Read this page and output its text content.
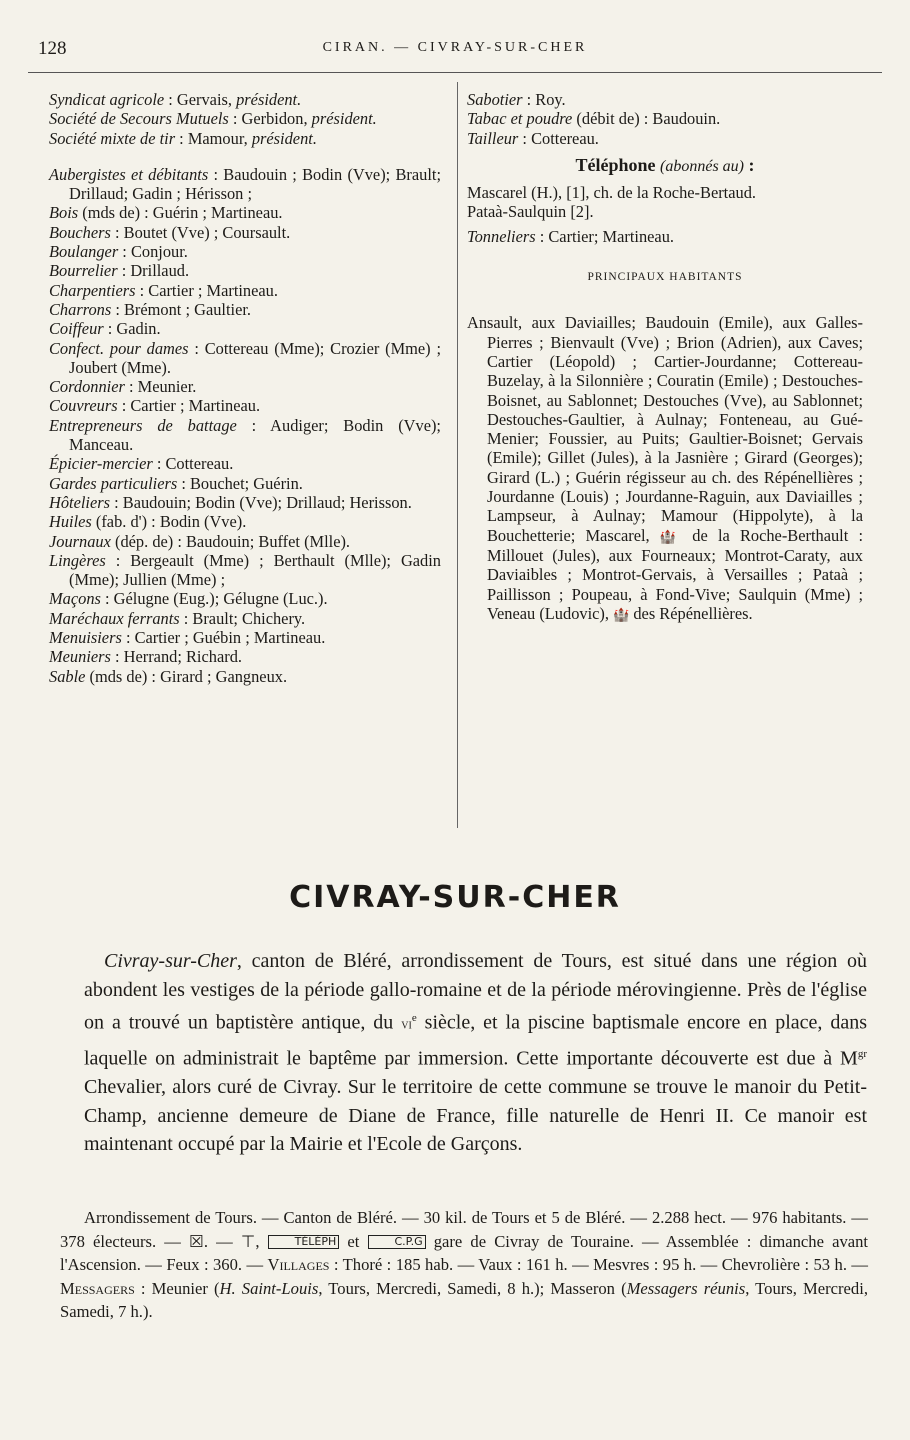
128	CIRAN. — CIVRAY-SUR-CHER

Syndicat agricole : Gervais, président.

Société de Secours Mutuels : Gerbidon, président.

Société mixte de tir : Mamour, président.

Aubergistes et débitants : Baudouin ; Bodin (Vve); Brault; Drillaud; Gadin ; Hérisson ;

Bois (mds de) : Guérin ; Martineau.

Bouchers : Boutet (Vve) ; Coursault.

Boulanger : Conjour.

Bourrelier : Drillaud.

Charpentiers : Cartier ; Martineau.

Charrons : Brémont ; Gaultier.

Coiffeur : Gadin.

Confect. pour dames : Cottereau (Mme); Crozier (Mme) ; Joubert (Mme).

Cordonnier : Meunier.

Couvreurs : Cartier ; Martineau.

Entrepreneurs de battage : Audiger; Bodin (Vve); Manceau.

Épicier-mercier : Cottereau.

Gardes particuliers : Bouchet; Guérin.

Hôteliers : Baudouin; Bodin (Vve); Drillaud; Herisson.

Huiles (fab. d') : Bodin (Vve).

Journaux (dép. de) : Baudouin; Buffet (Mlle).

Lingères : Bergeault (Mme) ; Berthault (Mlle); Gadin (Mme); Jullien (Mme) ;

Maçons : Gélugne (Eug.); Gélugne (Luc.).

Maréchaux ferrants : Brault; Chichery.

Menuisiers : Cartier ; Guébin ; Martineau.

Meuniers : Herrand; Richard.

Sable (mds de) : Girard ; Gangneux.

Sabotier : Roy.

Tabac et poudre (débit de) : Baudouin.

Tailleur : Cottereau.

Téléphone (abonnés au) :

Mascarel (H.), [1], ch. de la Roche-Bertaud.

Pataà-Saulquin [2].

Tonneliers : Cartier; Martineau.

PRINCIPAUX HABITANTS

Ansault, aux Daviailles; Baudouin (Emile), aux Galles-Pierres ; Bienvault (Vve) ; Brion (Adrien), aux Caves; Cartier (Léopold) ; Cartier-Jourdanne; Cottereau-Buzelay, à la Silonnière ; Couratin (Emile) ; Destouches-Boisnet, au Sablonnet; Destouches (Vve), au Sablonnet; Destouches-Gaultier, à Aulnay; Fonteneau, au Gué-Menier; Foussier, au Puits; Gaultier-Boisnet; Gervais (Emile); Gillet (Jules), à la Jasnière ; Girard (Georges); Girard (L.) ; Guérin régisseur au ch. des Répénellières ; Jourdanne (Louis) ; Jourdanne-Raguin, aux Daviailles ; Lampseur, à Aulnay; Mamour (Hippolyte), à la Bouchetterie; Mascarel, 🏰 de la Roche-Berthault : Millouet (Jules), aux Fourneaux; Montrot-Caraty, aux Daviaibles ; Montrot-Gervais, à Versailles ; Pataà ; Paillisson ; Poupeau, à Fond-Vive; Saulquin (Mme) ; Veneau (Ludovic), 🏰 des Répénellières.

CIVRAY-SUR-CHER

Civray-sur-Cher, canton de Bléré, arrondissement de Tours, est situé dans une région où abondent les vestiges de la période gallo-romaine et de la période mérovingienne. Près de l'église on a trouvé un baptistère antique, du $vi^e$ siècle, et la piscine baptismale encore en place, dans laquelle on administrait le baptême par immersion. Cette importante découverte est due à $M^{gr}$ Chevalier, alors curé de Civray. Sur le territoire de cette commune se trouve le manoir du Petit-Champ, ancienne demeure de Diane de France, fille naturelle de Henri II. Ce manoir est maintenant occupé par la Mairie et l'Ecole de Garçons.

Arrondissement de Tours. — Canton de Bléré. — 30 kil. de Tours et 5 de Bléré. — 2.288 hect. — 976 habitants. — 378 électeurs. — ☒. — ⊤, TÉLÉPH et C.P.G gare de Civray de Touraine. — Assemblée : dimanche avant l'Ascension. — Feux : 360. — Villages : Thoré : 185 hab. — Vaux : 161 h. — Mesvres : 95 h. — Chevrolière : 53 h. — Messagers : Meunier (H. Saint-Louis, Tours, Mercredi, Samedi, 8 h.); Masseron (Messagers réunis, Tours, Mercredi, Samedi, 7 h.).
